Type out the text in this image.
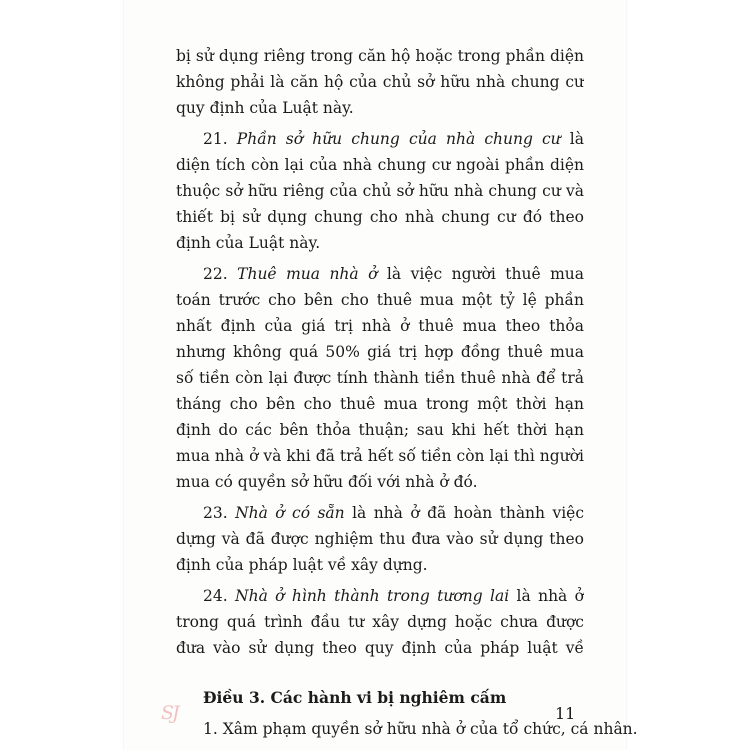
bị sử dụng riêng trong căn hộ hoặc trong phần diện
không phải là căn hộ của chủ sở hữu nhà chung cư
quy định của Luật này.
21. Phần sở hữu chung của nhà chung cư là
diện tích còn lại của nhà chung cư ngoài phần diện
thuộc sở hữu riêng của chủ sở hữu nhà chung cư và
thiết bị sử dụng chung cho nhà chung cư đó theo
định của Luật này.
22. Thuê mua nhà ở là việc người thuê mua
toán trước cho bên cho thuê mua một tỷ lệ phần
nhất định của giá trị nhà ở thuê mua theo thỏa
nhưng không quá 50% giá trị hợp đồng thuê mua
số tiền còn lại được tính thành tiền thuê nhà để trả
tháng cho bên cho thuê mua trong một thời hạn
định do các bên thỏa thuận; sau khi hết thời hạn
mua nhà ở và khi đã trả hết số tiền còn lại thì người
mua có quyền sở hữu đối với nhà ở đó.
23. Nhà ở có sẵn là nhà ở đã hoàn thành việc
dựng và đã được nghiệm thu đưa vào sử dụng theo
định của pháp luật về xây dựng.
24. Nhà ở hình thành trong tương lai là nhà ở
trong quá trình đầu tư xây dựng hoặc chưa được
đưa vào sử dụng theo quy định của pháp luật về
Điều 3. Các hành vi bị nghiêm cấm
1. Xâm phạm quyền sở hữu nhà ở của tổ chức, cá nhân.
SJ	11
